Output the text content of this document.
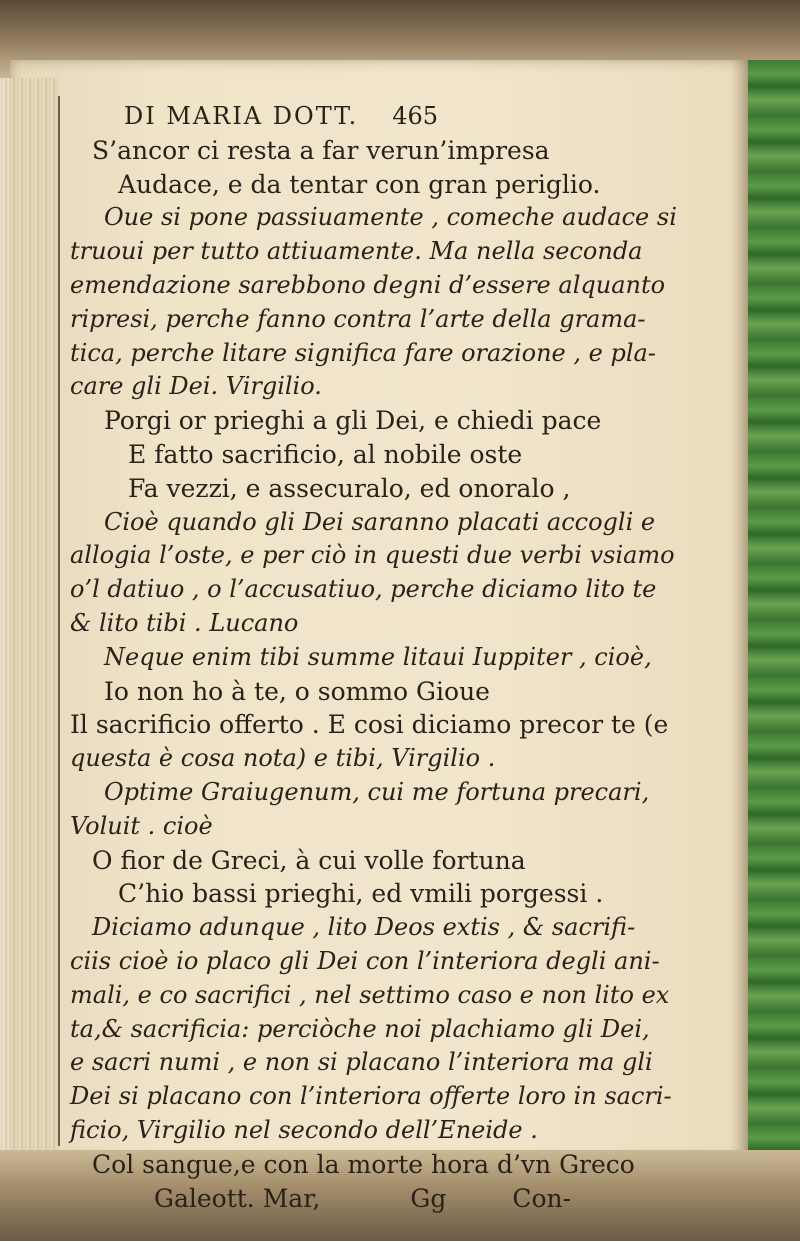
DI MARIA DOTT. 465
S’ancor ci resta a far verun’impresa
Audace, e da tentar con gran periglio.
Oue si pone passiuamente , comeche audace si
truoui per tutto attiuamente. Ma nella seconda
emendazione sarebbono degni d’essere alquanto
ripresi, perche fanno contra l’arte della grama-
tica, perche litare significa fare orazione , e pla-
care gli Dei. Virgilio.
Porgi or prieghi a gli Dei, e chiedi pace
E fatto sacrificio, al nobile oste
Fa vezzi, e assecuralo, ed onoralo ,
Cioè quando gli Dei saranno placati accogli e
allogia l’oste, e per ciò in questi due verbi vsiamo
o’l datiuo , o l’accusatiuo, perche diciamo lito te
& lito tibi . Lucano
Neque enim tibi summe litaui Iuppiter , cioè,
Io non ho à te, o sommo Gioue
Il sacrificio offerto . E cosi diciamo precor te (e
questa è cosa nota) e tibi, Virgilio .
Optime Graiugenum, cui me fortuna precari,
Voluit . cioè
O fior de Greci, à cui volle fortuna
C’hio bassi prieghi, ed vmili porgessi .
Diciamo adunque , lito Deos extis , & sacrifi-
ciis cioè io placo gli Dei con l’interiora degli ani-
mali, e co sacrifici , nel settimo caso e non lito ex
ta,& sacrificia: perciòche noi plachiamo gli Dei,
e sacri numi , e non si placano l’interiora ma gli
Dei si placano con l’interiora offerte loro in sacri-
ficio, Virgilio nel secondo dell’Eneide .
Col sangue,e con la morte hora d’vn Greco
Galeott. Mar,	Gg	Con-
